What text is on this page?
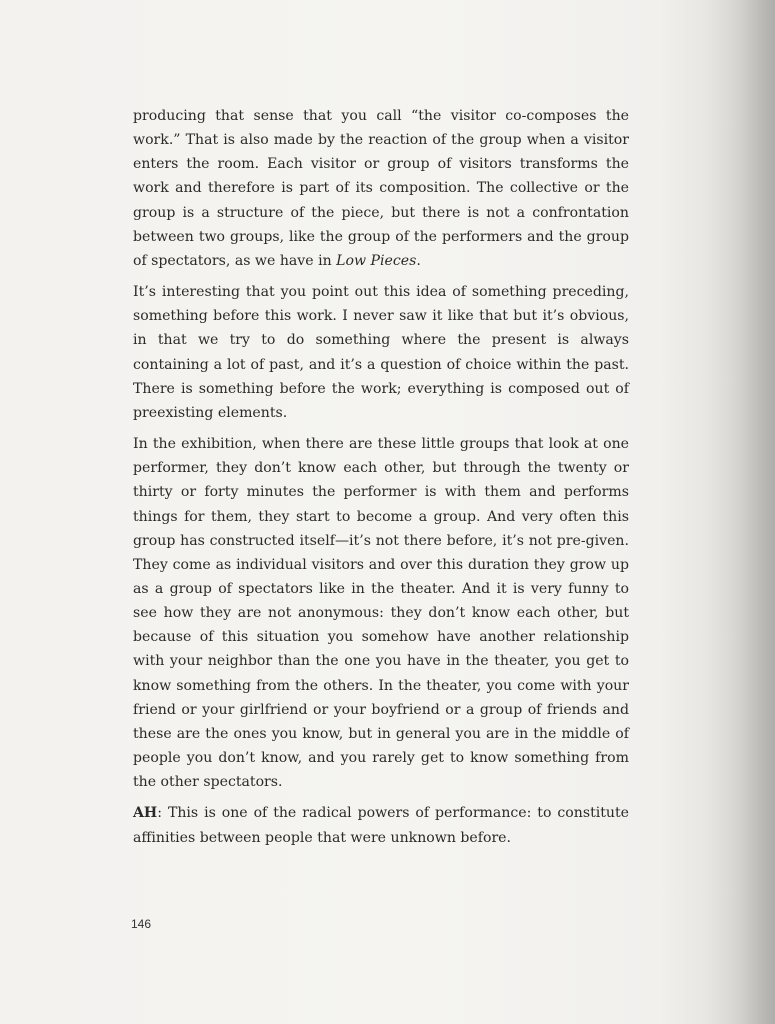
producing that sense that you call “the visitor co-composes the work.” That is also made by the reaction of the group when a visitor enters the room. Each visitor or group of visitors transforms the work and therefore is part of its composition. The collective or the group is a structure of the piece, but there is not a confrontation between two groups, like the group of the performers and the group of spectators, as we have in Low Pieces.

It’s interesting that you point out this idea of something preceding, something before this work. I never saw it like that but it’s obvious, in that we try to do something where the present is always containing a lot of past, and it’s a question of choice within the past. There is something before the work; everything is composed out of preexisting elements.

In the exhibition, when there are these little groups that look at one performer, they don’t know each other, but through the twenty or thirty or forty minutes the performer is with them and performs things for them, they start to become a group. And very often this group has constructed itself—it’s not there before, it’s not pre-given. They come as individual visitors and over this duration they grow up as a group of spectators like in the theater. And it is very funny to see how they are not anonymous: they don’t know each other, but because of this situation you somehow have another relationship with your neighbor than the one you have in the theater, you get to know something from the others. In the theater, you come with your friend or your girlfriend or your boyfriend or a group of friends and these are the ones you know, but in general you are in the middle of people you don’t know, and you rarely get to know something from the other spectators.

AH: This is one of the radical powers of performance: to constitute affinities between people that were unknown before.

146
